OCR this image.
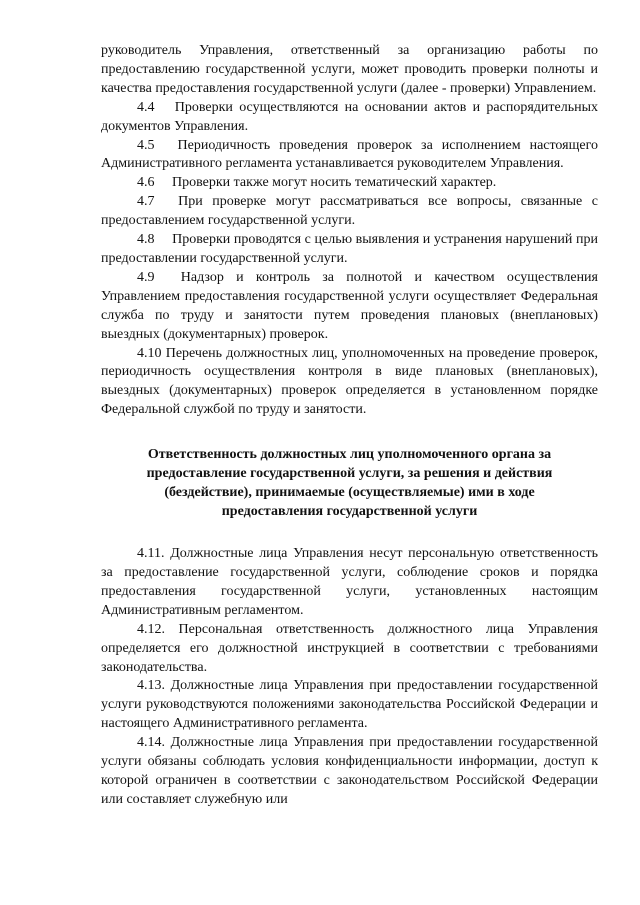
руководитель Управления, ответственный за организацию работы по предоставлению государственной услуги, может проводить проверки полноты и качества предоставления государственной услуги (далее - проверки) Управлением.

4.4  Проверки осуществляются на основании актов и распорядительных документов Управления.

4.5  Периодичность проведения проверок за исполнением настоящего Административного регламента устанавливается руководителем Управления.

4.6  Проверки также могут носить тематический характер.

4.7  При проверке могут рассматриваться все вопросы, связанные с предоставлением государственной услуги.

4.8  Проверки проводятся с целью выявления и устранения нарушений при предоставлении государственной услуги.

4.9  Надзор и контроль за полнотой и качеством осуществления Управлением предоставления государственной услуги осуществляет Федеральная служба по труду и занятости путем проведения плановых (внеплановых) выездных (документарных) проверок.

4.10 Перечень должностных лиц, уполномоченных на проведение проверок, периодичность осуществления контроля в виде плановых (внеплановых), выездных (документарных) проверок определяется в установленном порядке Федеральной службой по труду и занятости.

Ответственность должностных лиц уполномоченного органа за
предоставление государственной услуги, за решения и действия
(бездействие), принимаемые (осуществляемые) ими в ходе
предоставления государственной услуги

4.11. Должностные лица Управления несут персональную ответственность за предоставление государственной услуги, соблюдение сроков и порядка предоставления государственной услуги, установленных настоящим Административным регламентом.

4.12. Персональная ответственность должностного лица Управления определяется его должностной инструкцией в соответствии с требованиями законодательства.

4.13. Должностные лица Управления при предоставлении государственной услуги руководствуются положениями законодательства Российской Федерации и настоящего Административного регламента.

4.14. Должностные лица Управления при предоставлении государственной услуги обязаны соблюдать условия конфиденциальности информации, доступ к которой ограничен в соответствии с законодательством Российской Федерации или составляет служебную или
